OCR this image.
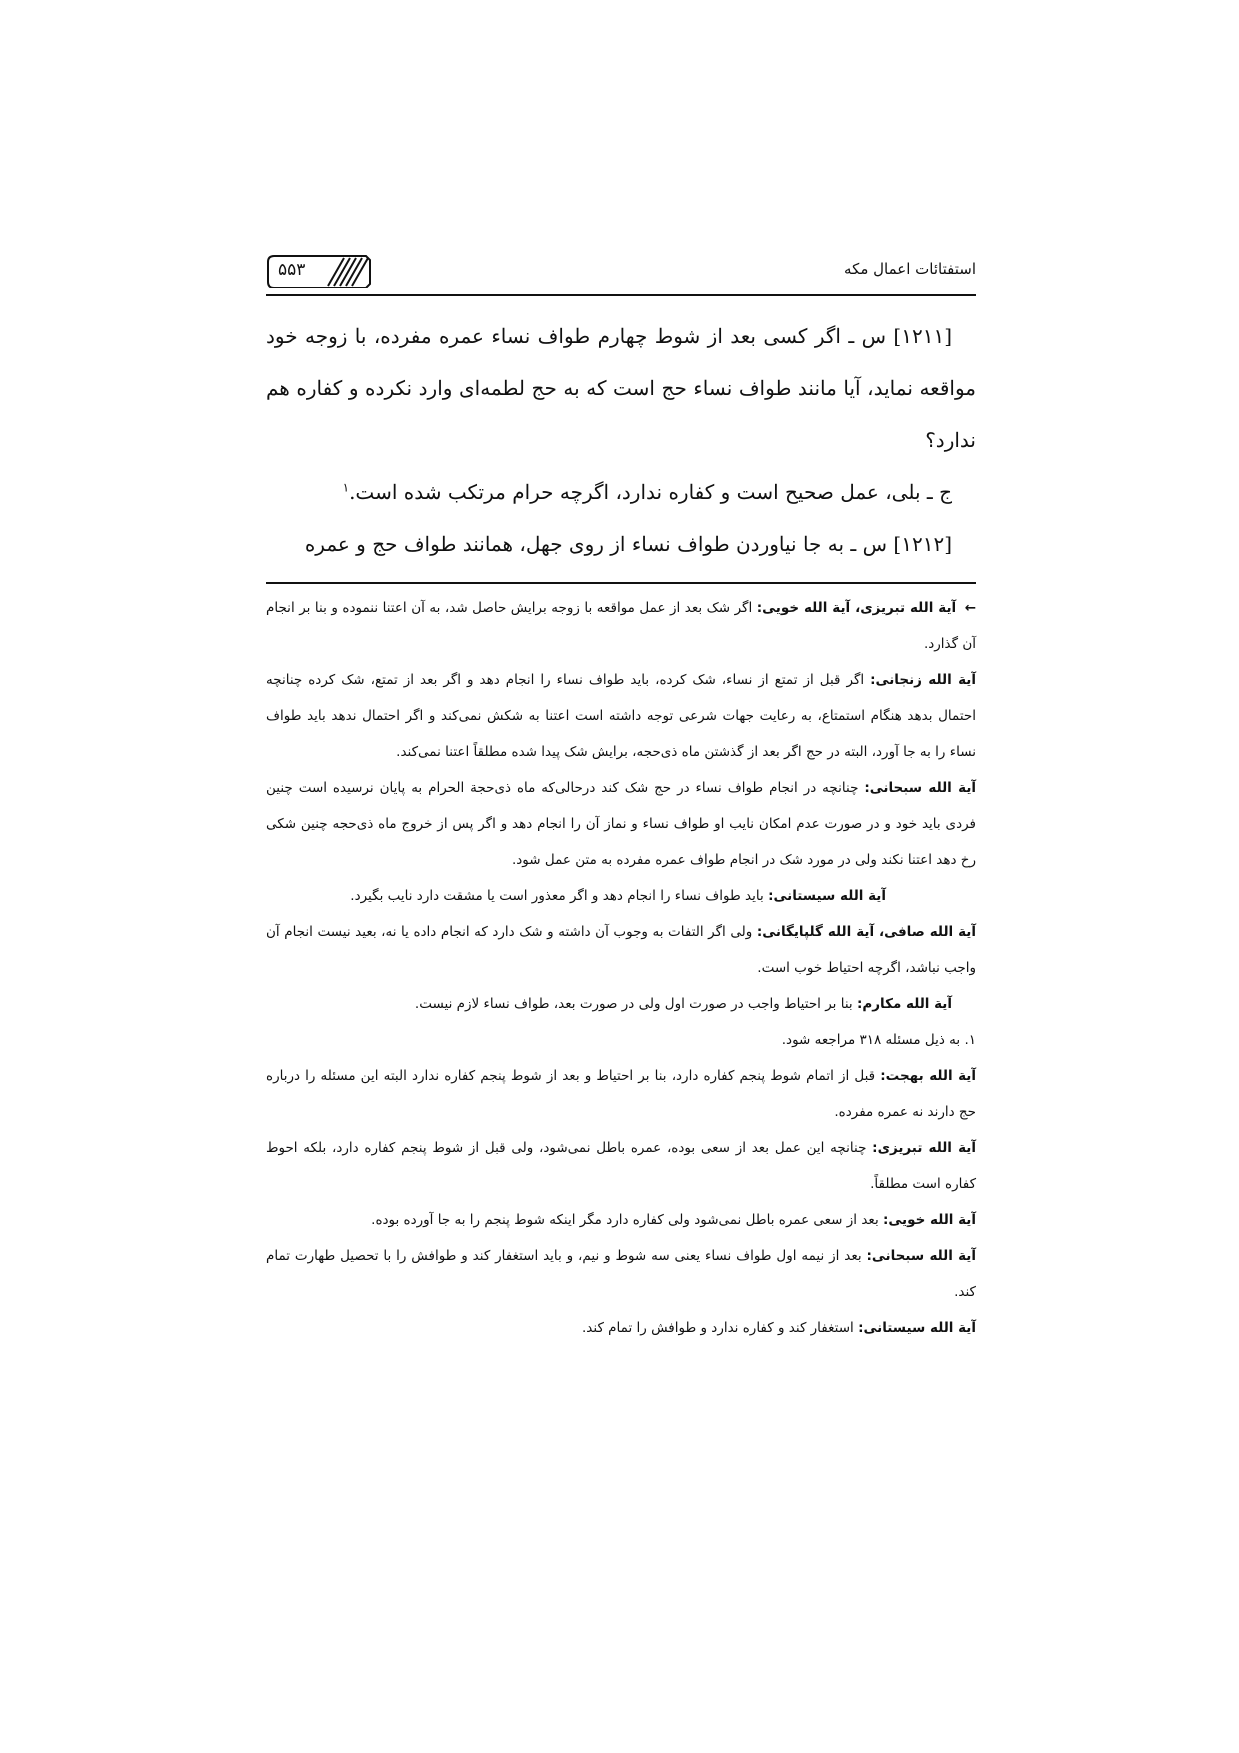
استفتائات اعمال مکه
۵۵۳

[۱۲۱۱] س ـ اگر کسی بعد از شوط چهارم طواف نساء عمره مفرده، با زوجه خود مواقعه نماید، آیا مانند طواف نساء حج است که به حج لطمه‌ای وارد نکرده و کفاره هم ندارد؟

ج ـ بلی، عمل صحیح است و کفاره ندارد، اگرچه حرام مرتکب شده است.$^۱$

[۱۲۱۲] س ـ به جا نیاوردن طواف نساء از روی جهل، همانند طواف حج و عمره

← آیة الله تبریزی، آیة الله خویی: اگر شک بعد از عمل مواقعه با زوجه برایش حاصل شد، به آن اعتنا ننموده و بنا بر انجام آن گذارد.

آیة الله زنجانی: اگر قبل از تمتع از نساء، شک کرده، باید طواف نساء را انجام دهد و اگر بعد از تمتع، شک کرده چنانچه احتمال بدهد هنگام استمتاع، به رعایت جهات شرعی توجه داشته است اعتنا به شکش نمی‌کند و اگر احتمال ندهد باید طواف نساء را به جا آورد، البته در حج اگر بعد از گذشتن ماه ذی‌حجه، برایش شک پیدا شده مطلقاً اعتنا نمی‌کند.

آیة الله سبحانی: چنانچه در انجام طواف نساء در حج شک کند درحالی‌که ماه ذی‌حجة الحرام به پایان نرسیده است چنین فردی باید خود و در صورت عدم امکان نایب او طواف نساء و نماز آن را انجام دهد و اگر پس از خروج ماه ذی‌حجه چنین شکی رخ دهد اعتنا نکند ولی در مورد شک در انجام طواف عمره مفرده به متن عمل شود.

آیة الله سیستانی: باید طواف نساء را انجام دهد و اگر معذور است یا مشقت دارد نایب بگیرد.

آیة الله صافی، آیة الله گلپایگانی: ولی اگر التفات به وجوب آن داشته و شک دارد که انجام داده یا نه، بعید نیست انجام آن واجب نباشد، اگرچه احتیاط خوب است.

آیة الله مکارم: بنا بر احتیاط واجب در صورت اول ولی در صورت بعد، طواف نساء لازم نیست.

۱. به ذیل مسئله ۳۱۸ مراجعه شود.

آیة الله بهجت: قبل از اتمام شوط پنجم کفاره دارد، بنا بر احتیاط و بعد از شوط پنجم کفاره ندارد البته این مسئله را درباره حج دارند نه عمره مفرده.

آیة الله تبریزی: چنانچه این عمل بعد از سعی بوده، عمره باطل نمی‌شود، ولی قبل از شوط پنجم کفاره دارد، بلکه احوط کفاره است مطلقاً.

آیة الله خویی: بعد از سعی عمره باطل نمی‌شود ولی کفاره دارد مگر اینکه شوط پنجم را به جا آورده بوده.

آیة الله سبحانی: بعد از نیمه اول طواف نساء یعنی سه شوط و نیم، و باید استغفار کند و طوافش را با تحصیل طهارت تمام کند.

آیة الله سیستانی: استغفار کند و کفاره ندارد و طوافش را تمام کند.
